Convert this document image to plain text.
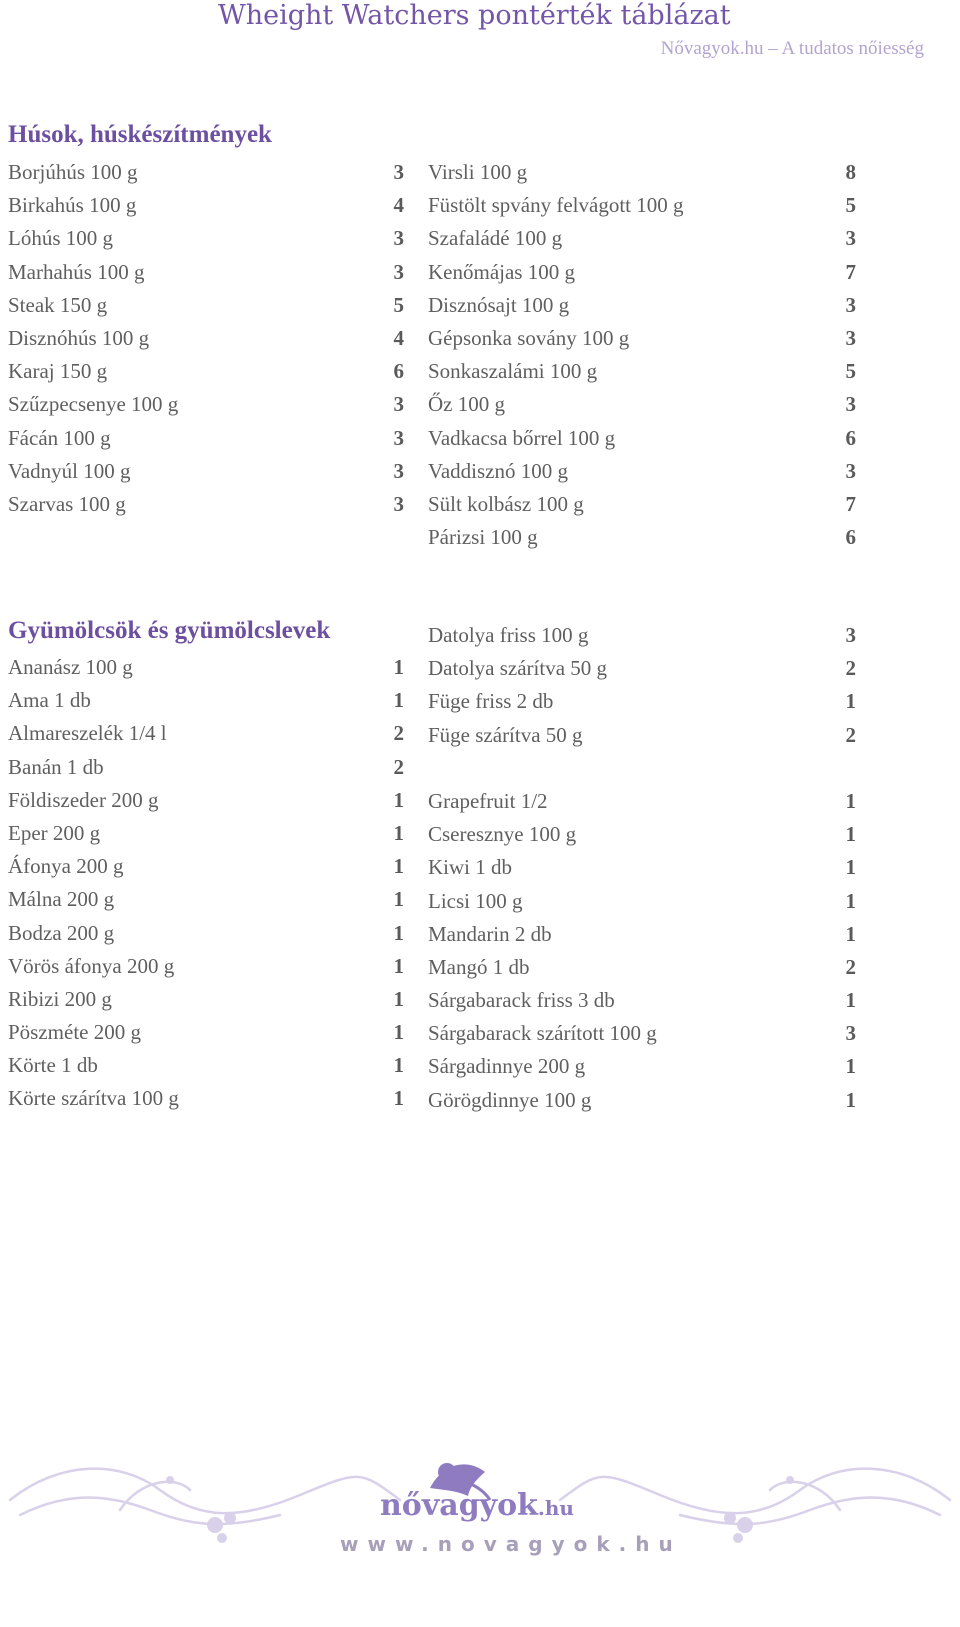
Wheight Watchers pontérték táblázat
Nővagyok.hu – A tudatos nőiesség
Húsok, húskészítmények
Borjúhús 100 g	3
Birkahús 100 g	4
Lóhús 100 g	3
Marhahús 100 g	3
Steak 150 g	5
Disznóhús 100 g	4
Karaj 150 g	6
Szűzpecsenye 100 g	3
Fácán 100 g	3
Vadnyúl 100 g	3
Szarvas 100 g	3
Virsli 100 g	8
Füstölt spvány felvágott 100 g	5
Szafaládé 100 g	3
Kenőmájas 100 g	7
Disznósajt 100 g	3
Gépsonka sovány 100 g	3
Sonkaszalámi 100 g	5
Őz 100 g	3
Vadkacsa bőrrel 100 g	6
Vaddisznó 100 g	3
Sült kolbász 100 g	7
Párizsi 100 g	6
Gyümölcsök és gyümölcslevek
Ananász 100 g	1
Ama 1 db	1
Almareszelék 1/4 l	2
Banán 1 db	2
Földiszeder 200 g	1
Eper 200 g	1
Áfonya 200 g	1
Málna 200 g	1
Bodza 200 g	1
Vörös áfonya 200 g	1
Ribizi 200 g	1
Pöszméte 200 g	1
Körte 1 db	1
Körte szárítva 100 g	1
Datolya friss 100 g	3
Datolya szárítva 50 g	2
Füge friss 2 db	1
Füge szárítva 50 g	2
Grapefruit 1/2	1
Cseresznye 100 g	1
Kiwi 1 db	1
Licsi 100 g	1
Mandarin 2 db	1
Mangó 1 db	2
Sárgabarack friss 3 db	1
Sárgabarack szárított 100 g	3
Sárgadinnye 200 g	1
Görögdinnye 100 g	1
nővagyok.hu
www.novagyok.hu
